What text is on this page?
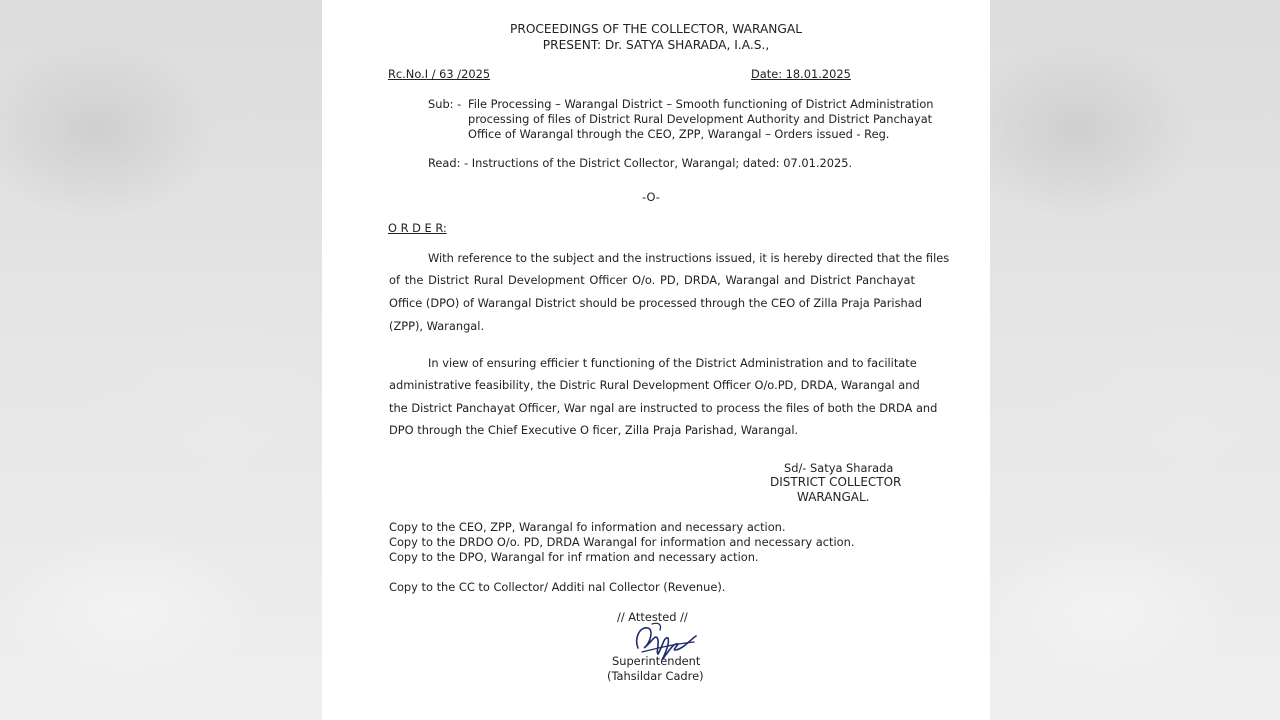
PROCEEDINGS OF THE COLLECTOR, WARANGAL
PRESENT: Dr. SATYA SHARADA, I.A.S.,
Rc.No.I / 63 /2025	Date: 18.01.2025
Sub: - File Processing – Warangal District – Smooth functioning of District Administration
processing of files of District Rural Development Authority and District Panchayat
Office of Warangal through the CEO, ZPP, Warangal – Orders issued - Reg.
Read: - Instructions of the District Collector, Warangal; dated: 07.01.2025.
-O-
O R D E R:
With reference to the subject and the instructions issued, it is hereby directed that the files
of the District Rural Development Officer O/o. PD, DRDA, Warangal and District Panchayat
Office (DPO) of Warangal District should be processed through the CEO of Zilla Praja Parishad
(ZPP), Warangal.
In view of ensuring efficier t functioning of the District Administration and to facilitate
administrative feasibility, the Distric Rural Development Officer O/o.PD, DRDA, Warangal and
the District Panchayat Officer, War ngal are instructed to process the files of both the DRDA and
DPO through the Chief Executive O ficer, Zilla Praja Parishad, Warangal.
Sd/- Satya Sharada
DISTRICT COLLECTOR
WARANGAL.
Copy to the CEO, ZPP, Warangal fo information and necessary action.
Copy to the DRDO O/o. PD, DRDA Warangal for information and necessary action.
Copy to the DPO, Warangal for inf rmation and necessary action.
Copy to the CC to Collector/ Additi nal Collector (Revenue).
// Attested //
Superintendent
(Tahsildar Cadre)
